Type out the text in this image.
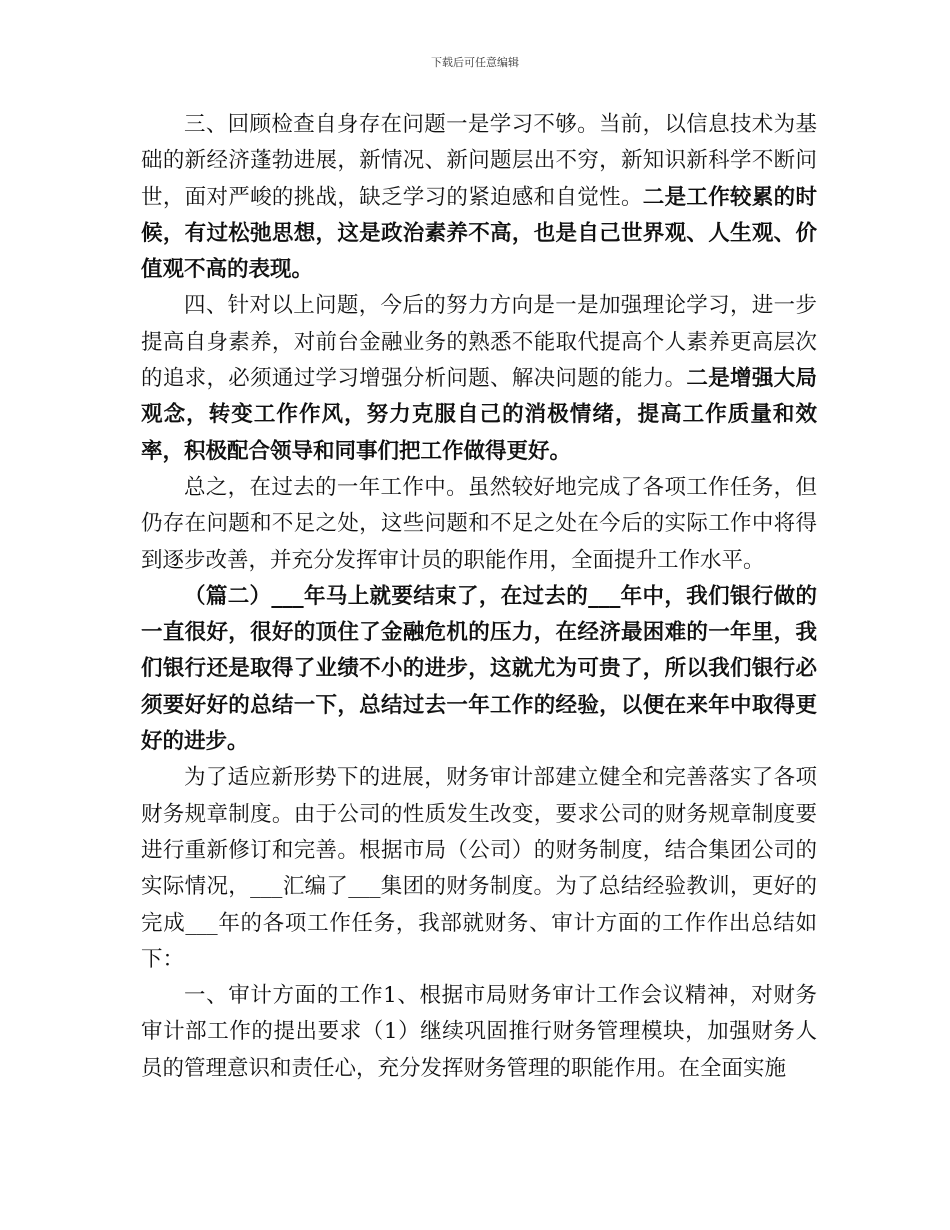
下载后可任意编辑

三、回顾检查自身存在问题一是学习不够。当前，以信息技术为基础的新经济蓬勃进展，新情况、新问题层出不穷，新知识新科学不断问世，面对严峻的挑战，缺乏学习的紧迫感和自觉性。二是工作较累的时候，有过松弛思想，这是政治素养不高，也是自己世界观、人生观、价值观不高的表现。

四、针对以上问题，今后的努力方向是一是加强理论学习，进一步提高自身素养，对前台金融业务的熟悉不能取代提高个人素养更高层次的追求，必须通过学习增强分析问题、解决问题的能力。二是增强大局观念，转变工作作风，努力克服自己的消极情绪，提高工作质量和效率，积极配合领导和同事们把工作做得更好。

总之，在过去的一年工作中。虽然较好地完成了各项工作任务，但仍存在问题和不足之处，这些问题和不足之处在今后的实际工作中将得到逐步改善，并充分发挥审计员的职能作用，全面提升工作水平。

（篇二）___年马上就要结束了，在过去的___年中，我们银行做的一直很好，很好的顶住了金融危机的压力，在经济最困难的一年里，我们银行还是取得了业绩不小的进步，这就尤为可贵了，所以我们银行必须要好好的总结一下，总结过去一年工作的经验，以便在来年中取得更好的进步。

为了适应新形势下的进展，财务审计部建立健全和完善落实了各项财务规章制度。由于公司的性质发生改变，要求公司的财务规章制度要进行重新修订和完善。根据市局（公司）的财务制度，结合集团公司的实际情况，___汇编了___集团的财务制度。为了总结经验教训，更好的完成___年的各项工作任务，我部就财务、审计方面的工作作出总结如下：

一、审计方面的工作1、根据市局财务审计工作会议精神，对财务审计部工作的提出要求（1）继续巩固推行财务管理模块，加强财务人员的管理意识和责任心，充分发挥财务管理的职能作用。在全面实施
